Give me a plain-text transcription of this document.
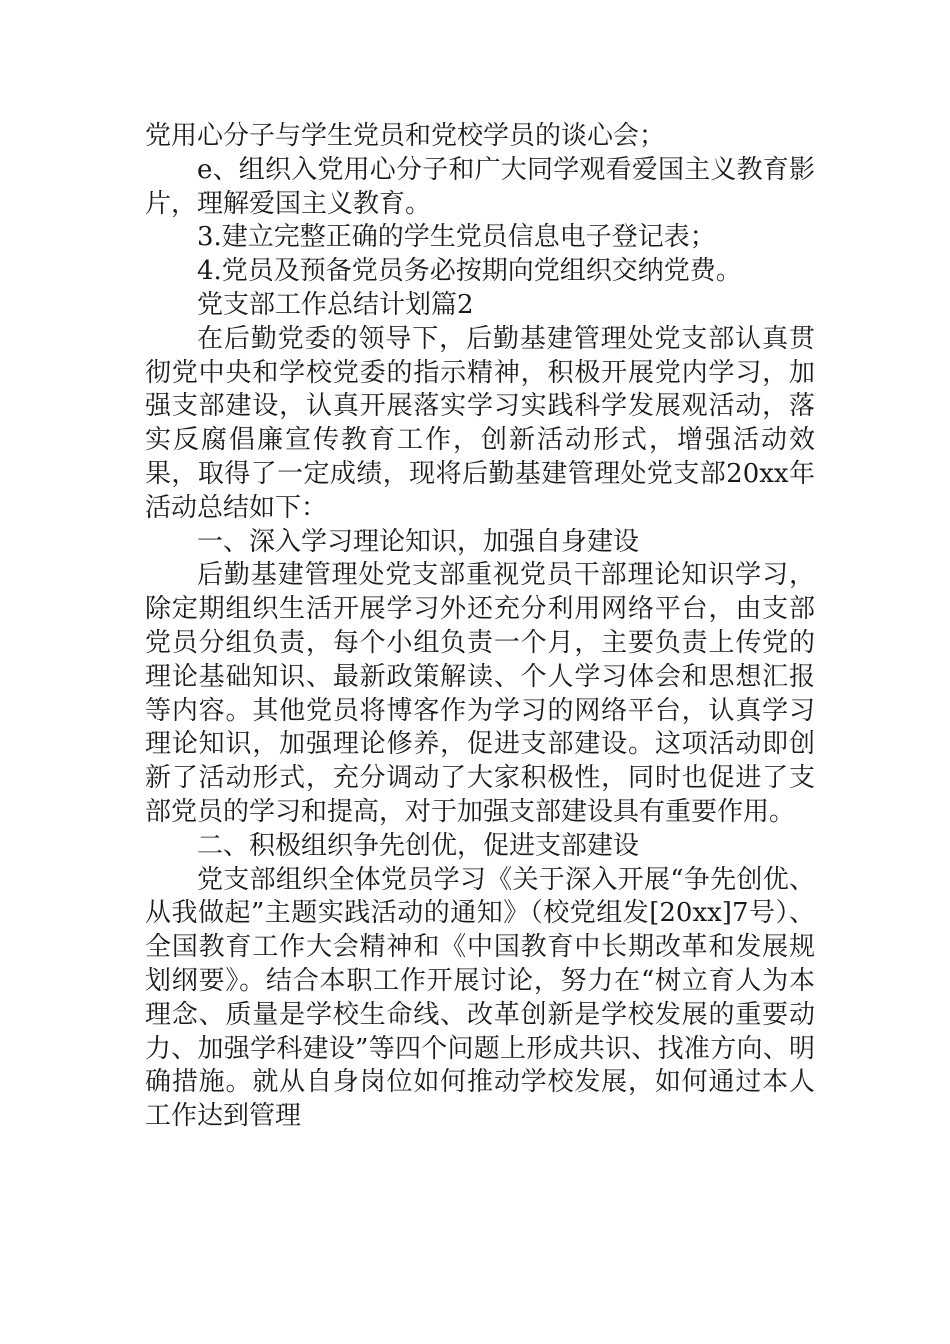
党用心分子与学生党员和党校学员的谈心会；

e、组织入党用心分子和广大同学观看爱国主义教育影片，理解爱国主义教育。

3.建立完整正确的学生党员信息电子登记表；

4.党员及预备党员务必按期向党组织交纳党费。

党支部工作总结计划篇2

在后勤党委的领导下，后勤基建管理处党支部认真贯彻党中央和学校党委的指示精神，积极开展党内学习，加强支部建设，认真开展落实学习实践科学发展观活动，落实反腐倡廉宣传教育工作，创新活动形式，增强活动效果，取得了一定成绩，现将后勤基建管理处党支部20xx年活动总结如下：

一、深入学习理论知识，加强自身建设

后勤基建管理处党支部重视党员干部理论知识学习，除定期组织生活开展学习外还充分利用网络平台，由支部党员分组负责，每个小组负责一个月，主要负责上传党的理论基础知识、最新政策解读、个人学习体会和思想汇报等内容。其他党员将博客作为学习的网络平台，认真学习理论知识，加强理论修养，促进支部建设。这项活动即创新了活动形式，充分调动了大家积极性，同时也促进了支部党员的学习和提高，对于加强支部建设具有重要作用。

二、积极组织争先创优，促进支部建设

党支部组织全体党员学习《关于深入开展“争先创优、从我做起”主题实践活动的通知》（校党组发[20xx]7号）、全国教育工作大会精神和《中国教育中长期改革和发展规划纲要》。结合本职工作开展讨论，努力在“树立育人为本理念、质量是学校生命线、改革创新是学校发展的重要动力、加强学科建设”等四个问题上形成共识、找准方向、明确措施。就从自身岗位如何推动学校发展，如何通过本人工作达到管理
